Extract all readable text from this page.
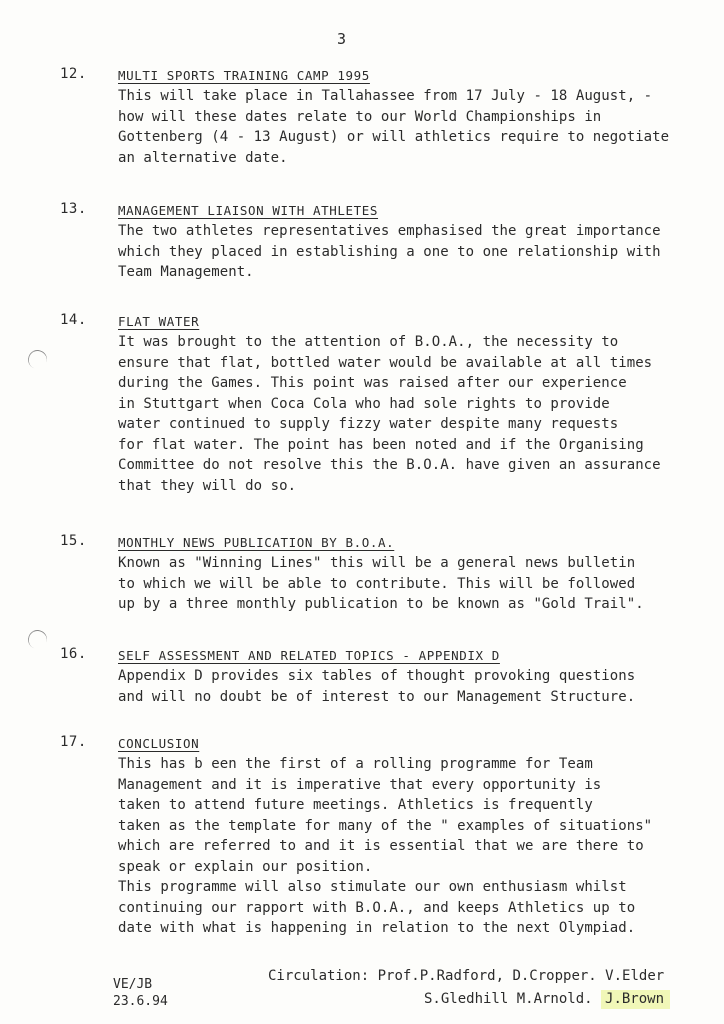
3
12. MULTI SPORTS TRAINING CAMP 1995
This will take place in Tallahassee from 17 July - 18 August, -
how will these dates relate to our World Championships in
Gottenberg (4 - 13 August) or will athletics require to negotiate
an alternative date.
13. MANAGEMENT LIAISON WITH ATHLETES
The two athletes representatives emphasised the great importance
which they placed in establishing a one to one relationship with
Team Management.
14. FLAT WATER
It was brought to the attention of B.O.A., the necessity to
ensure that flat, bottled water would be available at all times
during the Games. This point was raised after our experience
in Stuttgart when Coca Cola who had sole rights to provide
water continued to supply fizzy water despite many requests
for flat water. The point has been noted and if the Organising
Committee do not resolve this the B.O.A. have given an assurance
that they will do so.
15. MONTHLY NEWS PUBLICATION BY B.O.A.
Known as "Winning Lines" this will be a general news bulletin
to which we will be able to contribute. This will be followed
up by a three monthly publication to be known as "Gold Trail".
16. SELF ASSESSMENT AND RELATED TOPICS - APPENDIX D
Appendix D provides six tables of thought provoking questions
and will no doubt be of interest to our Management Structure.
17. CONCLUSION
This has b een the first of a rolling programme for Team
Management and it is imperative that every opportunity is
taken to attend future meetings. Athletics is frequently
taken as the template for many of the " examples of situations"
which are referred to and it is essential that we are there to
speak or explain our position.
This programme will also stimulate our own enthusiasm whilst
continuing our rapport with B.O.A., and keeps Athletics up to
date with what is happening in relation to the next Olympiad.
Circulation: Prof.P.Radford, D.Cropper. V.Elder
S.Gledhill M.Arnold. J.Brown
VE/JB
23.6.94
